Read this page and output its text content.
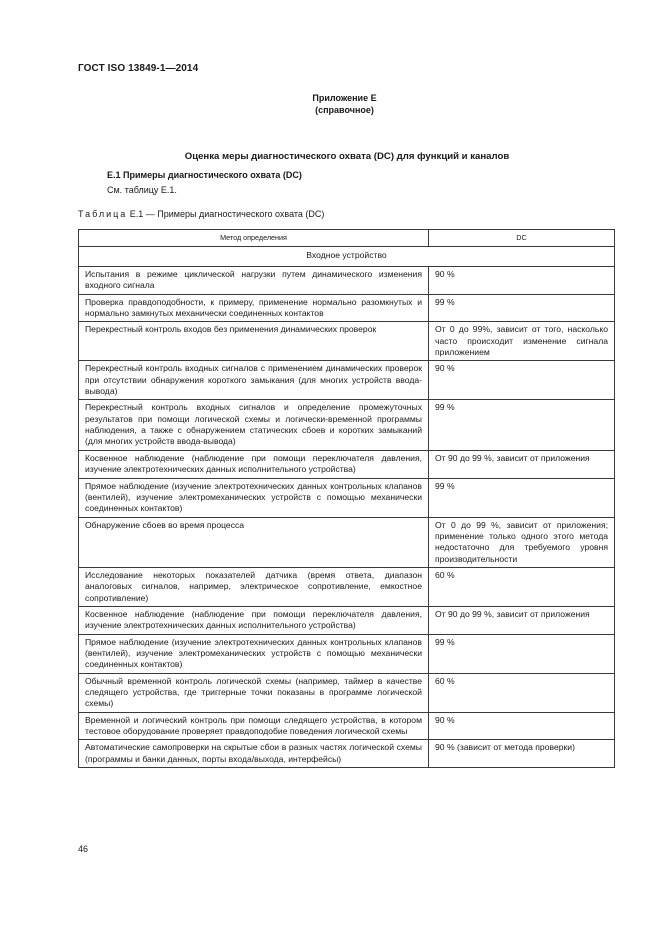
ГОСТ ISO 13849-1—2014
Приложение Е
(справочное)
Оценка меры диагностического охвата (DC) для функций и каналов
Е.1 Примеры диагностического охвата (DC)
См. таблицу Е.1.
Таблица Е.1 — Примеры диагностического охвата (DC)
Метод определения	DC
Входное устройство	
Испытания в режиме циклической нагрузки путем динамического изменения входного сигнала	90 %
Проверка правдоподобности, к примеру, применение нормально разомкнутых и нормально замкнутых механически соединенных контактов	99 %
Перекрестный контроль входов без применения динамических проверок	От 0 до 99%, зависит от того, насколько часто происходит изменение сигнала приложением
Перекрестный контроль входных сигналов с применением динамических проверок при отсутствии обнаружения короткого замыкания (для многих устройств ввода-вывода)	90 %
Перекрестный контроль входных сигналов и определение промежуточных результатов при помощи логической схемы и логически-временной программы наблюдения, а также с обнаружением статических сбоев и коротких замыканий (для многих устройств ввода-вывода)	99 %
Косвенное наблюдение (наблюдение при помощи переключателя давления, изучение электротехнических данных исполнительного устройства)	От 90 до 99 %, зависит от приложения
Прямое наблюдение (изучение электротехнических данных контрольных клапанов (вентилей), изучение электромеханических устройств с помощью механически соединенных контактов)	99 %
Обнаружение сбоев во время процесса	От 0 до 99 %, зависит от приложения; применение только одного этого метода недостаточно для требуемого уровня производительности
Исследование некоторых показателей датчика (время ответа, диапазон аналоговых сигналов, например, электрическое сопротивление, емкостное сопротивление)	60 %
Косвенное наблюдение (наблюдение при помощи переключателя давления, изучение электротехнических данных исполнительного устройства)	От 90 до 99 %, зависит от приложения
Прямое наблюдение (изучение электротехнических данных контрольных клапанов (вентилей), изучение электромеханических устройств с помощью механически соединенных контактов)	99 %
Обычный временной контроль логической схемы (например, таймер в качестве следящего устройства, где триггерные точки показаны в программе логической схемы)	60 %
Временной и логический контроль при помощи следящего устройства, в котором тестовое оборудование проверяет правдоподобие поведения логической схемы	90 %
Автоматические самопроверки на скрытые сбои в разных частях логической схемы (программы и банки данных, порты входа/выхода, интерфейсы)	90 % (зависит от метода проверки)
46
